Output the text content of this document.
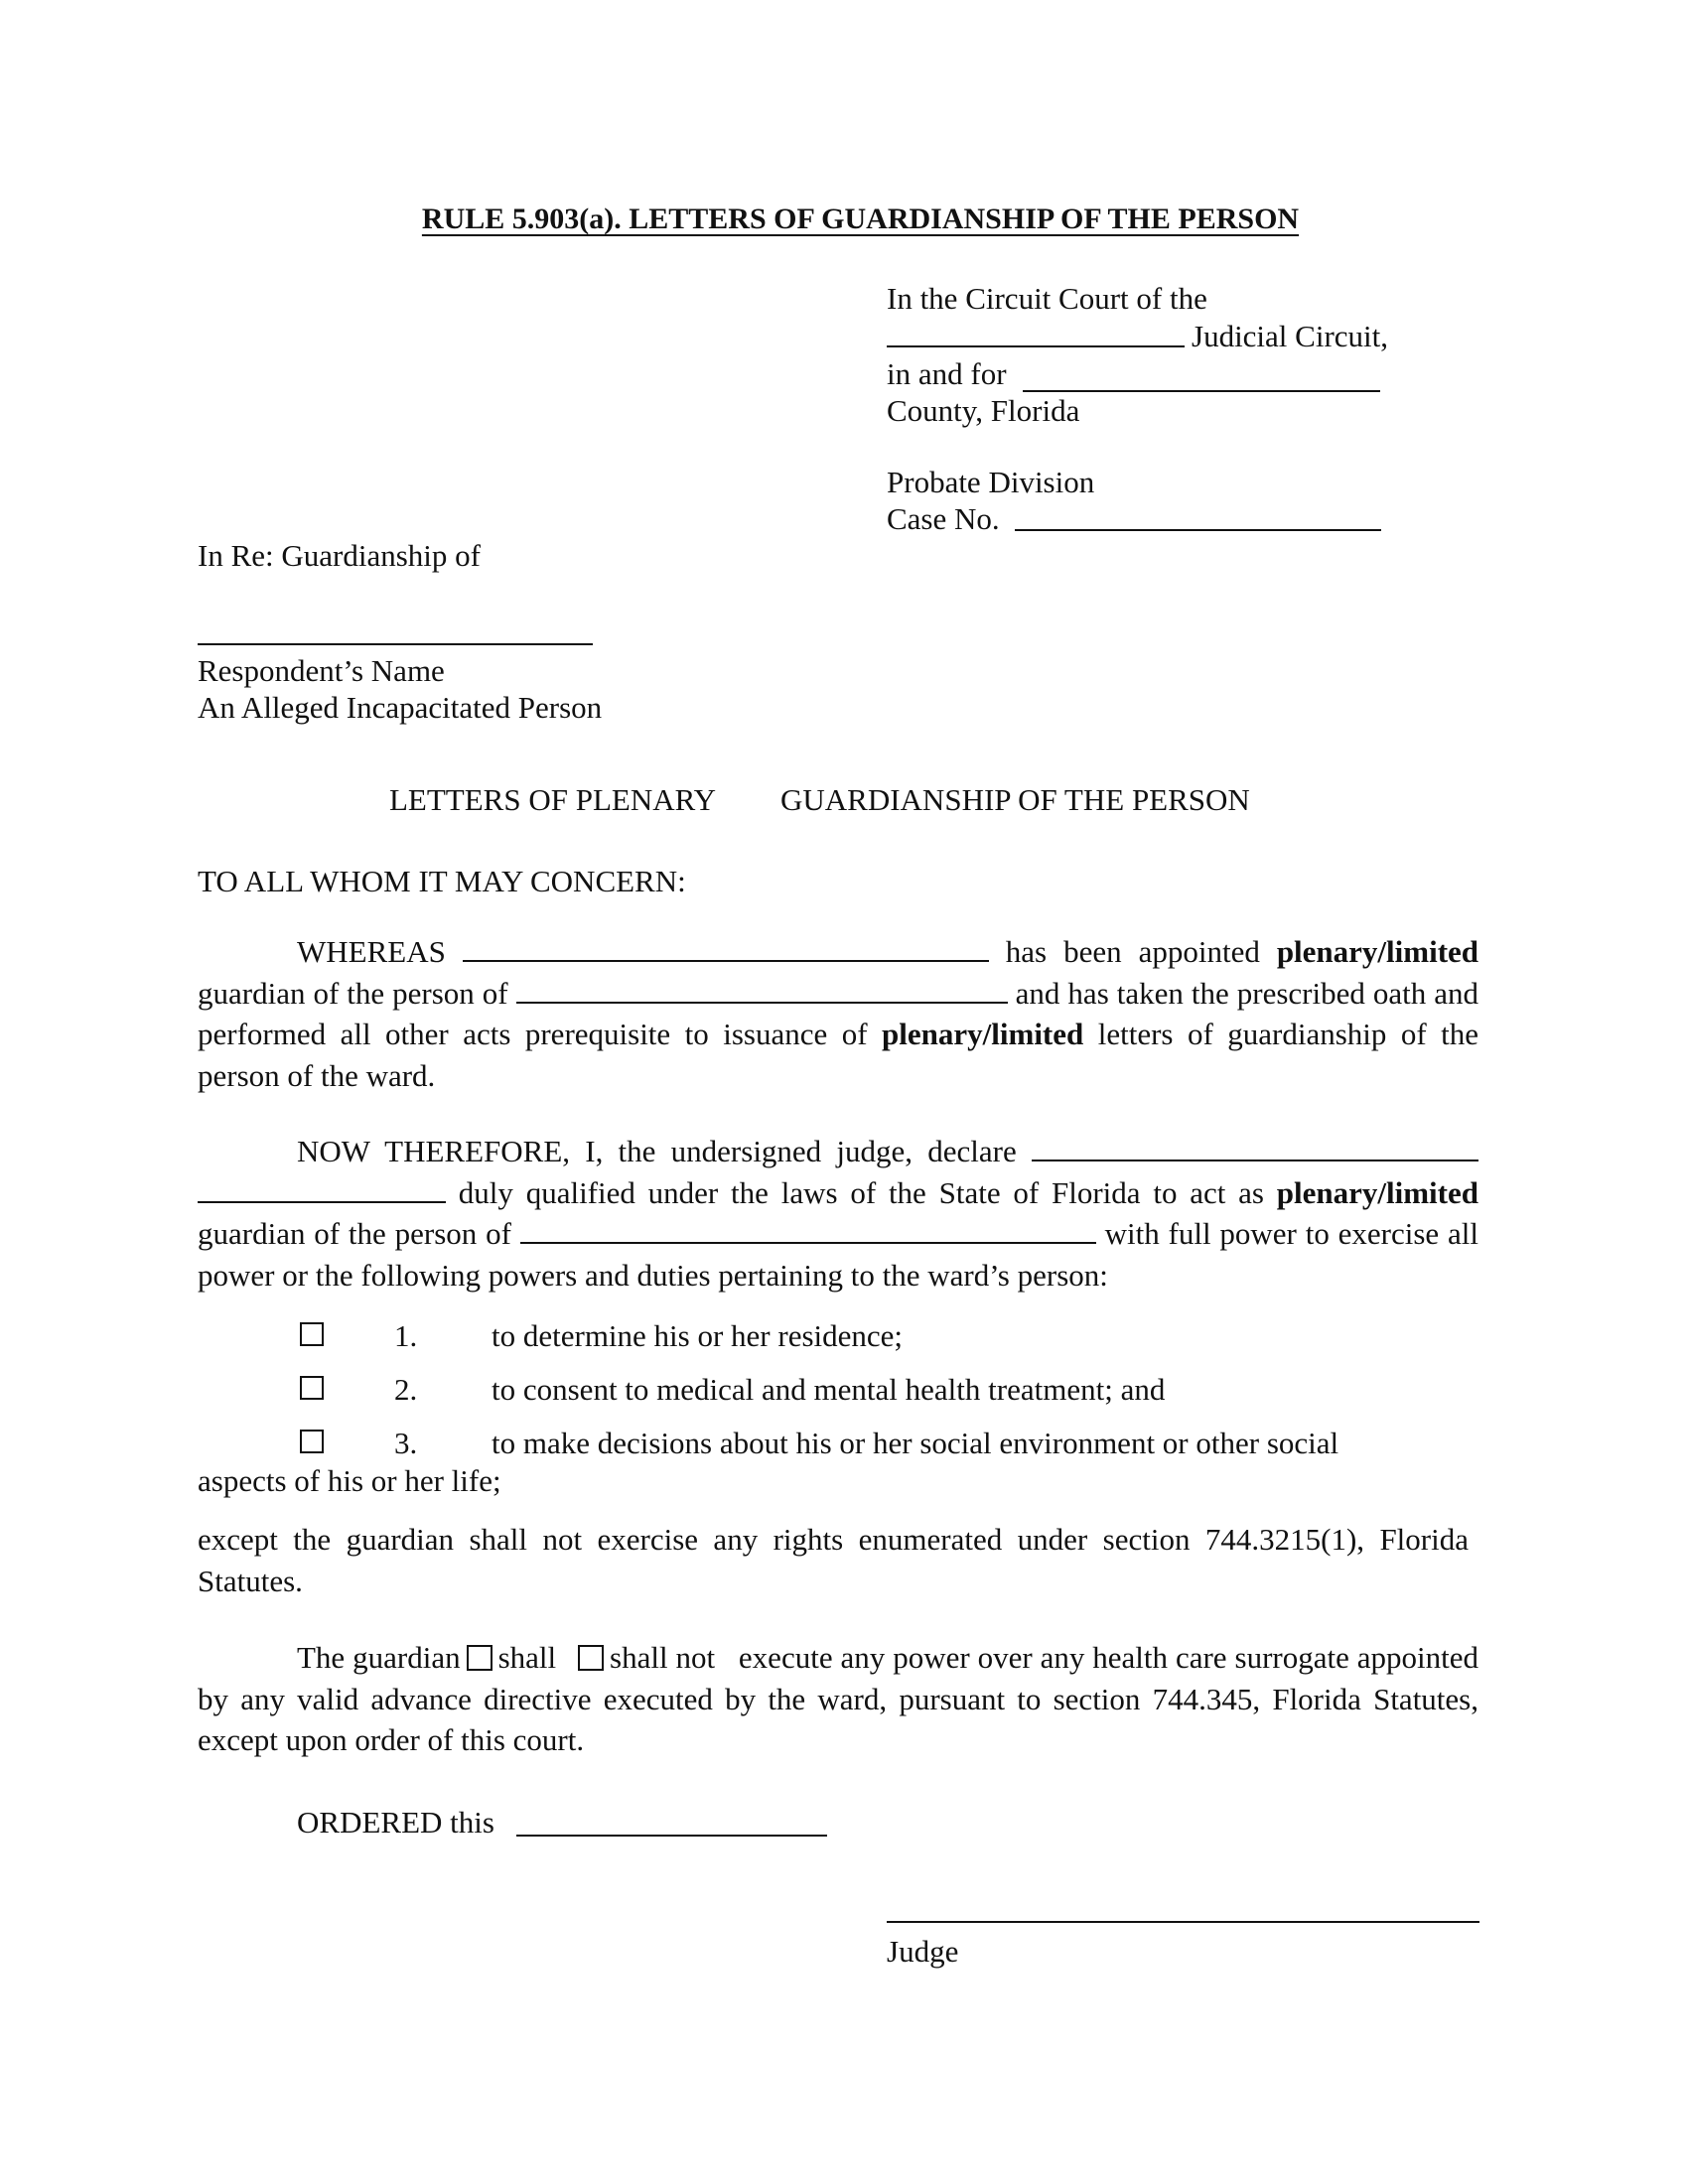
RULE 5.903(a). LETTERS OF GUARDIANSHIP OF THE PERSON
In the Circuit Court of the
Judicial Circuit,
in and for
County, Florida
Probate Division
Case No.
In Re: Guardianship of
Respondent’s Name
An Alleged Incapacitated Person
LETTERS OF PLENARY GUARDIANSHIP OF THE PERSON
TO ALL WHOM IT MAY CONCERN:
WHEREAS	has been appointed plenary/limited guardian of the person of	and has taken the prescribed oath and performed all other acts prerequisite to issuance of plenary/limited letters of guardianship of the person of the ward.
NOW THEREFORE, I, the undersigned judge, declare   duly qualified under the laws of the State of Florida to act as plenary/limited guardian of the person of	with full power to exercise all power or the following powers and duties pertaining to the ward’s person:
1. to determine his or her residence;
2. to consent to medical and mental health treatment; and
3. to make decisions about his or her social environment or other social
aspects of his or her life;
except the guardian shall not exercise any rights enumerated under section 744.3215(1), Florida Statutes.
The guardian shall shall not execute any power over any health care surrogate appointed by any valid advance directive executed by the ward, pursuant to section 744.345, Florida Statutes, except upon order of this court.
ORDERED this
Judge
